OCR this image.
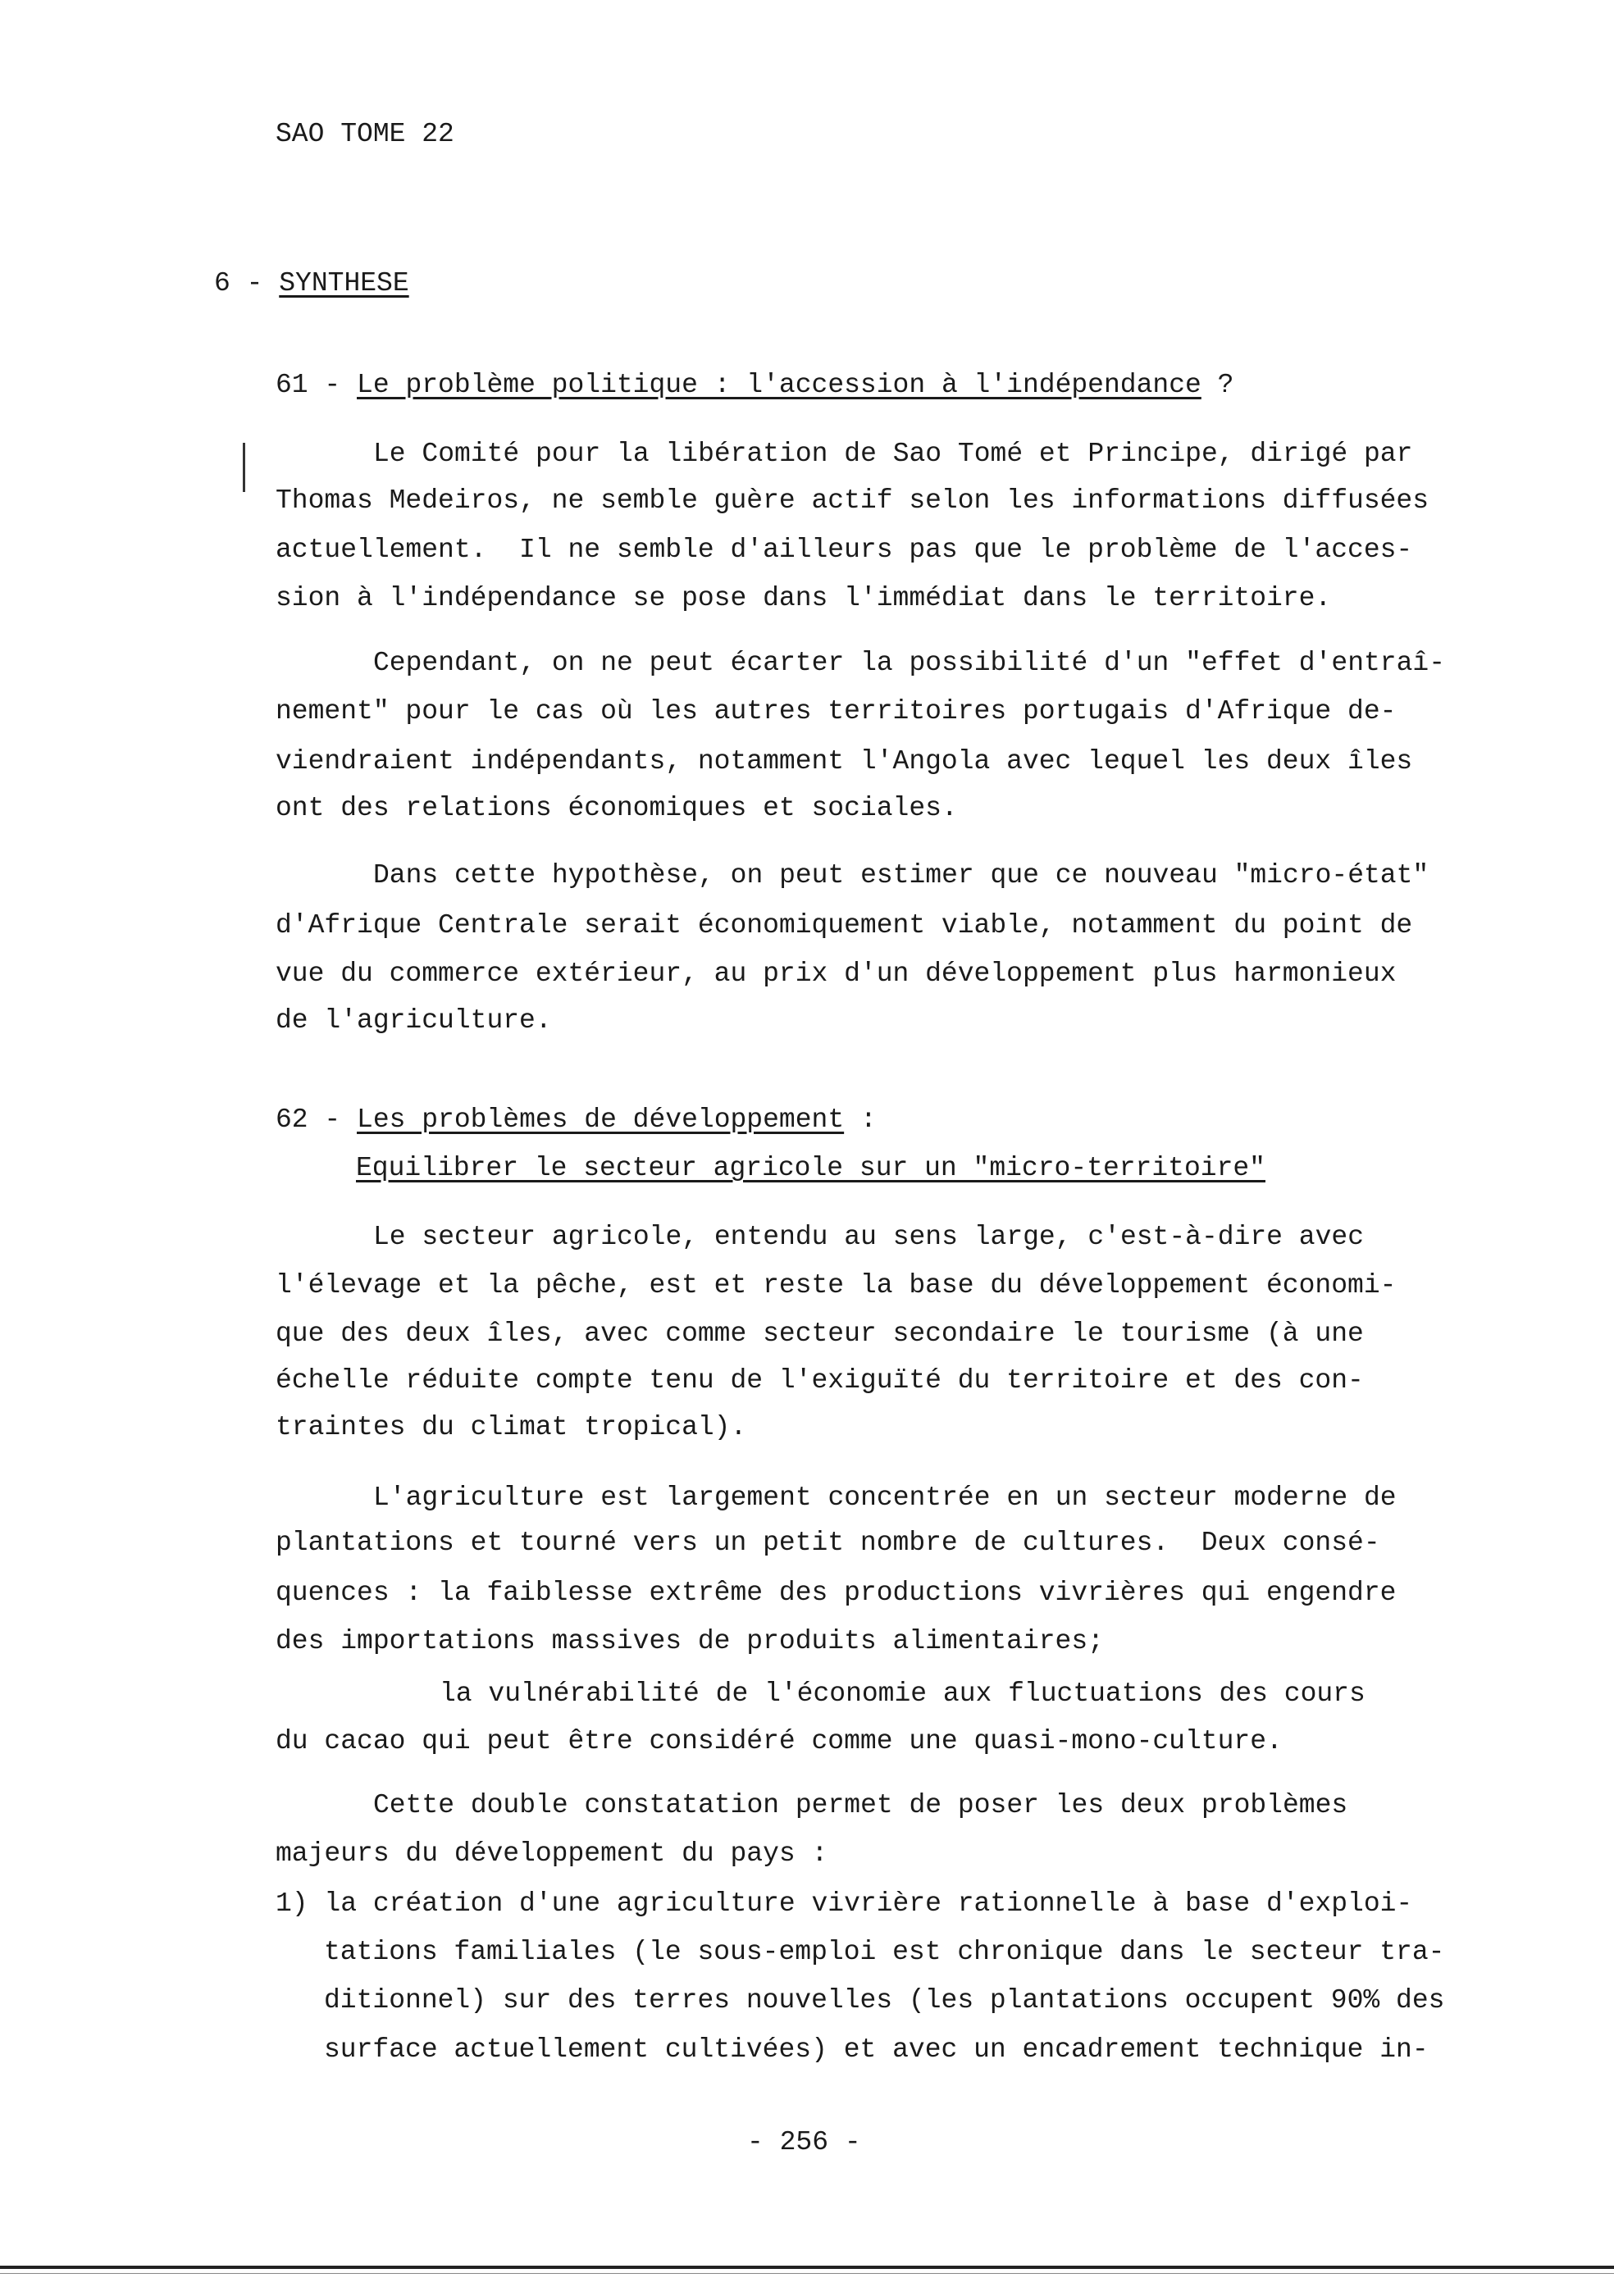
SAO TOME 22
6 - SYNTHESE
61 - Le problème politique : l'accession à l'indépendance ?
Le Comité pour la libération de Sao Tomé et Principe, dirigé par
Thomas Medeiros, ne semble guère actif selon les informations diffusées
actuellement.  Il ne semble d'ailleurs pas que le problème de l'acces-
sion à l'indépendance se pose dans l'immédiat dans le territoire.
Cependant, on ne peut écarter la possibilité d'un "effet d'entraî-
nement" pour le cas où les autres territoires portugais d'Afrique de-
viendraient indépendants, notamment l'Angola avec lequel les deux îles
ont des relations économiques et sociales.
Dans cette hypothèse, on peut estimer que ce nouveau "micro-état"
d'Afrique Centrale serait économiquement viable, notamment du point de
vue du commerce extérieur, au prix d'un développement plus harmonieux
de l'agriculture.
62 - Les problèmes de développement :
Equilibrer le secteur agricole sur un "micro-territoire"
Le secteur agricole, entendu au sens large, c'est-à-dire avec
l'élevage et la pêche, est et reste la base du développement économi-
que des deux îles, avec comme secteur secondaire le tourisme (à une
échelle réduite compte tenu de l'exiguïté du territoire et des con-
traintes du climat tropical).
L'agriculture est largement concentrée en un secteur moderne de
plantations et tourné vers un petit nombre de cultures.  Deux consé-
quences : la faiblesse extrême des productions vivrières qui engendre
des importations massives de produits alimentaires;
la vulnérabilité de l'économie aux fluctuations des cours
du cacao qui peut être considéré comme une quasi-mono-culture.
Cette double constatation permet de poser les deux problèmes
majeurs du développement du pays :
1) la création d'une agriculture vivrière rationnelle à base d'exploi-
tations familiales (le sous-emploi est chronique dans le secteur tra-
ditionnel) sur des terres nouvelles (les plantations occupent 90% des
surface actuellement cultivées) et avec un encadrement technique in-
- 256 -
